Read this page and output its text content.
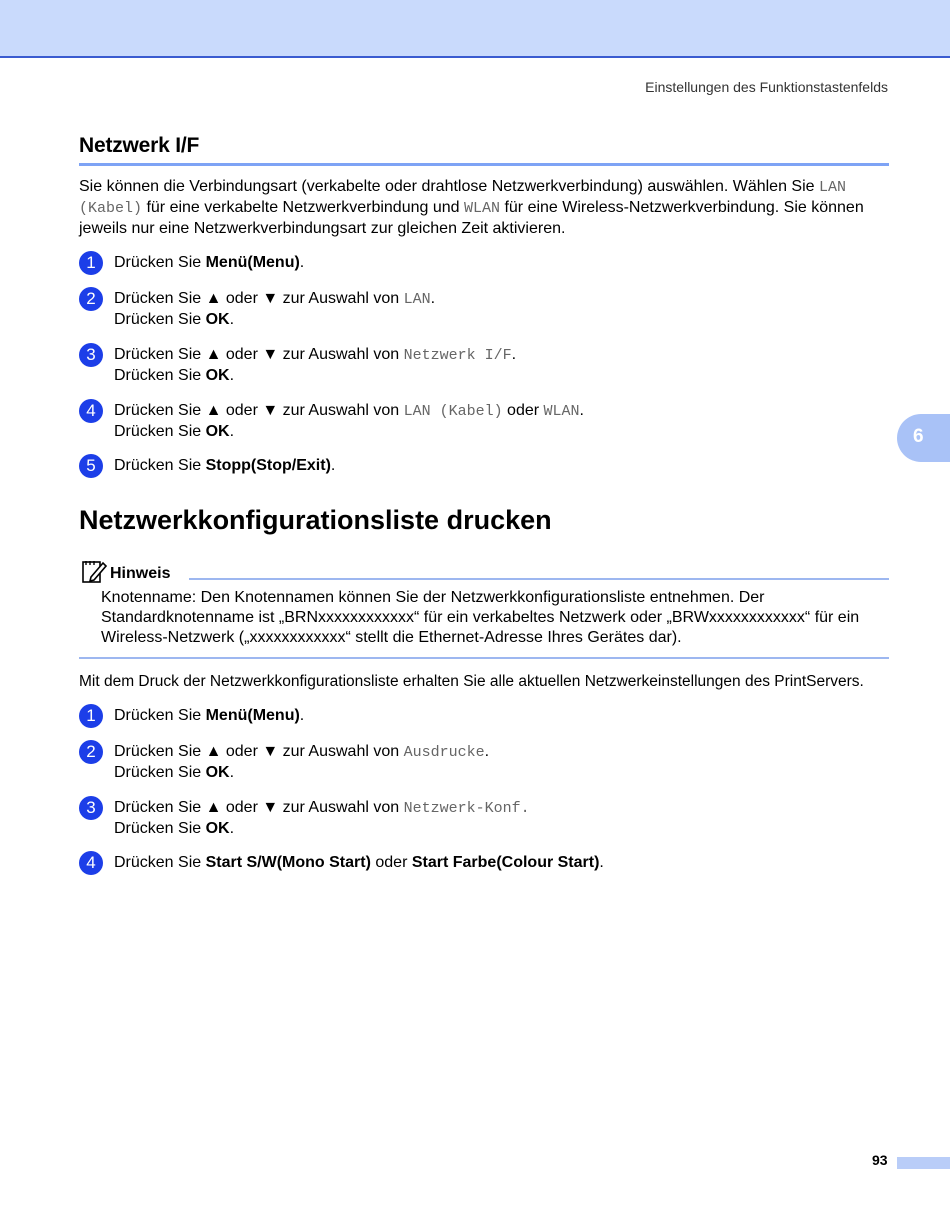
Einstellungen des Funktionstastenfelds
Netzwerk I/F

Sie können die Verbindungsart (verkabelte oder drahtlose Netzwerkverbindung) auswählen. Wählen Sie LAN (Kabel) für eine verkabelte Netzwerkverbindung und WLAN für eine Wireless-Netzwerkverbindung. Sie können jeweils nur eine Netzwerkverbindungsart zur gleichen Zeit aktivieren.

1	Drücken Sie Menü(Menu).
2	Drücken Sie ▲ oder ▼ zur Auswahl von LAN.
Drücken Sie OK.
3	Drücken Sie ▲ oder ▼ zur Auswahl von Netzwerk I/F.
Drücken Sie OK.
4	Drücken Sie ▲ oder ▼ zur Auswahl von LAN (Kabel) oder WLAN.
Drücken Sie OK.
5	Drücken Sie Stopp(Stop/Exit).
6
Netzwerkkonfigurationsliste drucken
Hinweis

Knotenname: Den Knotennamen können Sie der Netzwerkkonfigurationsliste entnehmen. Der Standardknotenname ist „BRNxxxxxxxxxxxx“ für ein verkabeltes Netzwerk oder „BRWxxxxxxxxxxxx“ für ein Wireless-Netzwerk („xxxxxxxxxxxx“ stellt die Ethernet-Adresse Ihres Gerätes dar).

Mit dem Druck der Netzwerkkonfigurationsliste erhalten Sie alle aktuellen Netzwerkeinstellungen des PrintServers.

1	Drücken Sie Menü(Menu).
2	Drücken Sie ▲ oder ▼ zur Auswahl von Ausdrucke.
Drücken Sie OK.
3	Drücken Sie ▲ oder ▼ zur Auswahl von Netzwerk-Konf.
Drücken Sie OK.
4	Drücken Sie Start S/W(Mono Start) oder Start Farbe(Colour Start).
93
